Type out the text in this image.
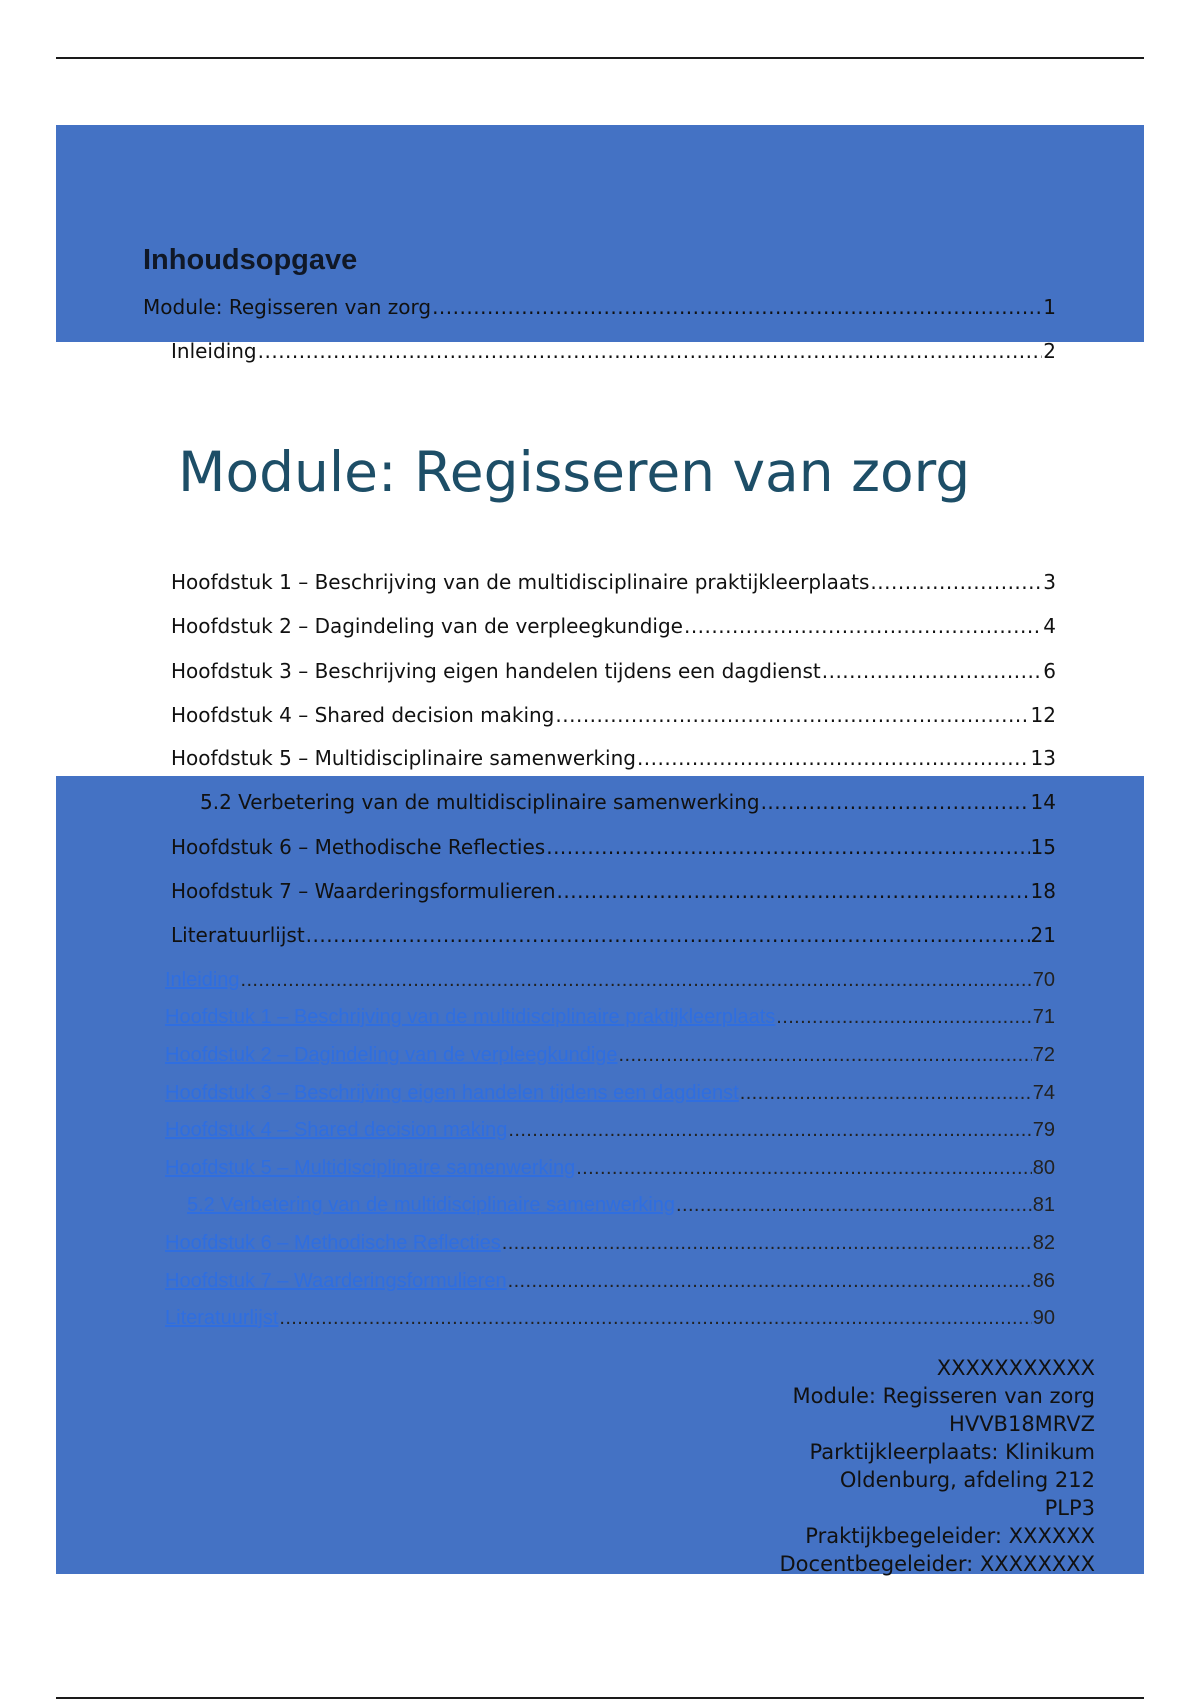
Inhoudsopgave
Module: Regisseren van zorg .....	1
Inleiding .....	2
Module: Regisseren van zorg
Hoofdstuk 1 – Beschrijving van de multidisciplinaire praktijkleerplaats .....	3
Hoofdstuk 2 – Dagindeling van de verpleegkundige .....	4
Hoofdstuk 3 – Beschrijving eigen handelen tijdens een dagdienst .....	6
Hoofdstuk 4 – Shared decision making .....	12
Hoofdstuk 5 – Multidisciplinaire samenwerking .....	13
5.2 Verbetering van de multidisciplinaire samenwerking .....	14
Hoofdstuk 6 – Methodische Reflecties .....	15
Hoofdstuk 7 – Waarderingsformulieren .....	18
Literatuurlijst .....	21
Inleiding .....	70
Hoofdstuk 1 – Beschrijving van de multidisciplinaire praktijkleerplaats .....	71
Hoofdstuk 2 – Dagindeling van de verpleegkundige .....	72
Hoofdstuk 3 – Beschrijving eigen handelen tijdens een dagdienst .....	74
Hoofdstuk 4 – Shared decision making .....	79
Hoofdstuk 5 – Multidisciplinaire samenwerking .....	80
5.2 Verbetering van de multidisciplinaire samenwerking .....	81
Hoofdstuk 6 – Methodische Reflecties .....	82
Hoofdstuk 7 – Waarderingsformulieren .....	86
Literatuurlijst .....	90
XXXXXXXXXXX
Module: Regisseren van zorg
HVVB18MRVZ
Parktijkleerplaats: Klinikum
Oldenburg, afdeling 212
PLP3
Praktijkbegeleider: XXXXXX
Docentbegeleider: XXXXXXXX
